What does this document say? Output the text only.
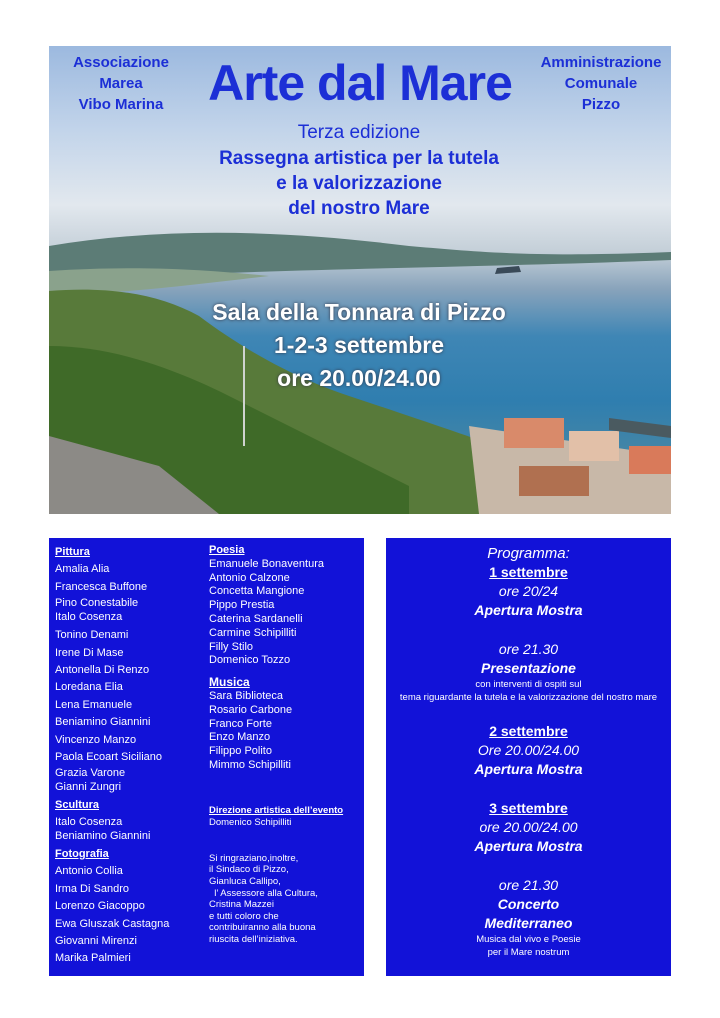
Associazione
Marea
Vibo Marina
Amministrazione
Comunale
Pizzo
Arte dal Mare
Terza edizione
Rassegna artistica per la tutela
e la valorizzazione
del nostro Mare
Sala della Tonnara di Pizzo
1-2-3 settembre
ore 20.00/24.00
Pittura
Amalia Alia
Francesca Buffone
Pino Conestabile
Italo Cosenza
Tonino Denami
Irene Di Mase
Antonella Di Renzo
Loredana Elia
Lena Emanuele
Beniamino Giannini
Vincenzo Manzo
Paola Ecoart Siciliano
Grazia Varone
Gianni Zungri
Scultura
Italo Cosenza
Beniamino Giannini
Fotografia
Antonio Collia
Irma Di Sandro
Lorenzo Giacoppo
Ewa Gluszak Castagna
Giovanni Mirenzi
Marika Palmieri
Poesia
Emanuele Bonaventura
Antonio Calzone
Concetta Mangione
Pippo Prestia
Caterina Sardanelli
Carmine Schipilliti
Filly Stilo
Domenico Tozzo
Musica
Sara Biblioteca
Rosario Carbone
Franco Forte
Enzo Manzo
Filippo Polito
Mimmo Schipilliti
Direzione artistica dell’evento
Domenico Schipilliti
Si ringraziano,inoltre,
il Sindaco di Pizzo,
Gianluca Callipo,
l’ Assessore alla Cultura,
Cristina Mazzei
e tutti coloro che
contribuiranno alla buona
riuscita dell’iniziativa.
Programma:
1 settembre
ore 20/24
Apertura Mostra
ore 21.30
Presentazione
con interventi di ospiti sul
tema riguardante la tutela e la valorizzazione del nostro mare
2 settembre
Ore 20.00/24.00
Apertura Mostra
3 settembre
ore 20.00/24.00
Apertura Mostra
ore 21.30
Concerto
Mediterraneo
Musica dal vivo e Poesie
per il Mare nostrum
